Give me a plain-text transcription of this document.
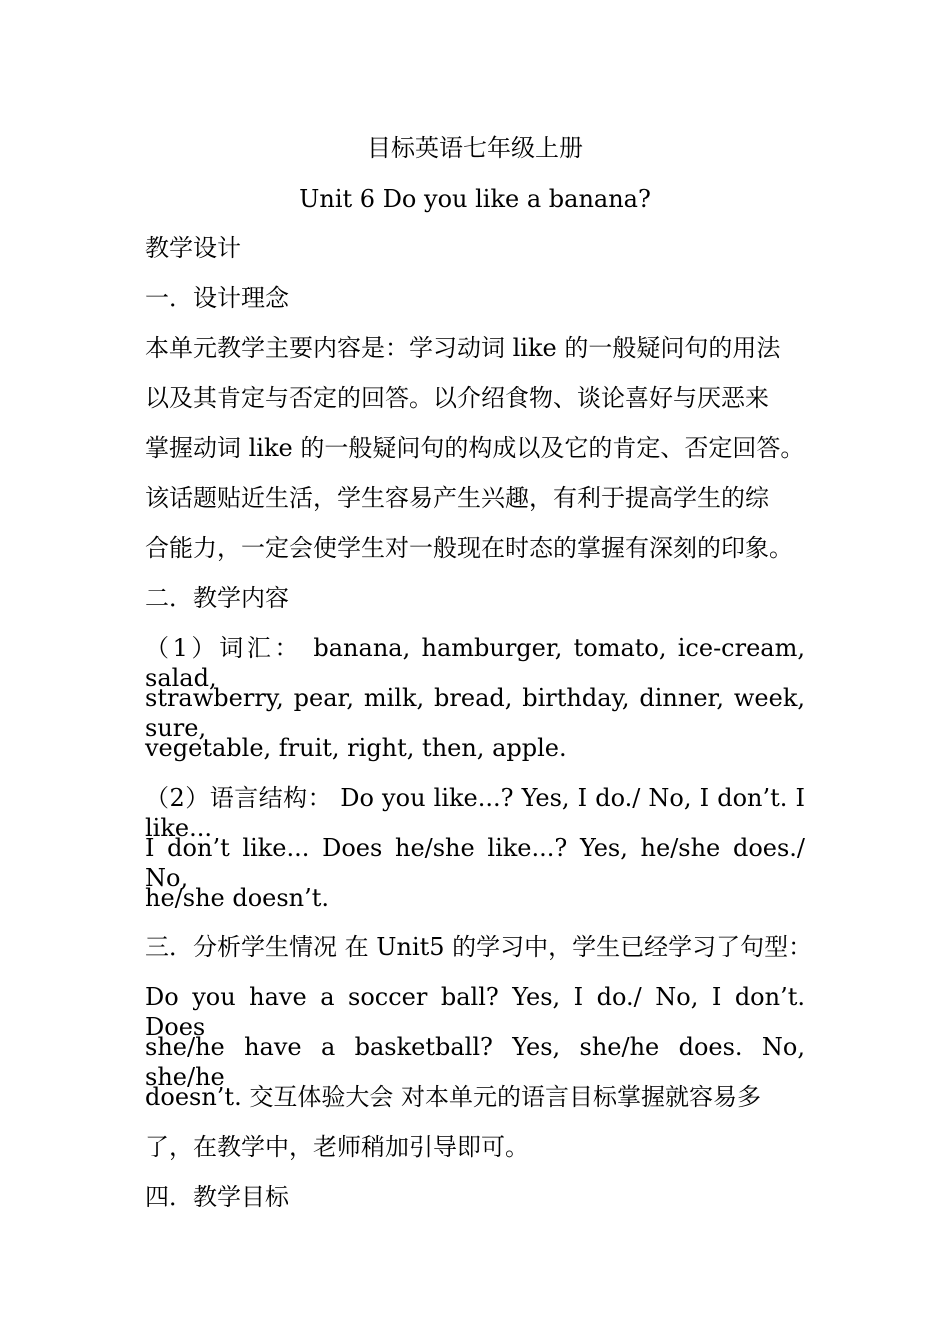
目标英语七年级上册
Unit 6 Do you like a banana?
教学设计
一．设计理念
本单元教学主要内容是：学习动词 like 的一般疑问句的用法
以及其肯定与否定的回答。以介绍食物、谈论喜好与厌恶来
掌握动词 like 的一般疑问句的构成以及它的肯定、否定回答。
该话题贴近生活，学生容易产生兴趣，有利于提高学生的综
合能力，一定会使学生对一般现在时态的掌握有深刻的印象。
二．教学内容
（1）词汇： banana, hamburger, tomato, ice-cream, salad,
strawberry, pear, milk, bread, birthday, dinner, week, sure,
vegetable, fruit, right, then, apple.
（2）语言结构： Do you like...? Yes, I do./ No, I don’t. I like...
I don’t like... Does he/she like...? Yes, he/she does./ No,
he/she doesn’t.
三．分析学生情况 在 Unit5 的学习中，学生已经学习了句型：
Do you have a soccer ball? Yes, I do./ No, I don’t. Does
she/he have a basketball? Yes, she/he does. No, she/he
doesn’t. 交互体验大会 对本单元的语言目标掌握就容易多
了，在教学中，老师稍加引导即可。
四．教学目标
